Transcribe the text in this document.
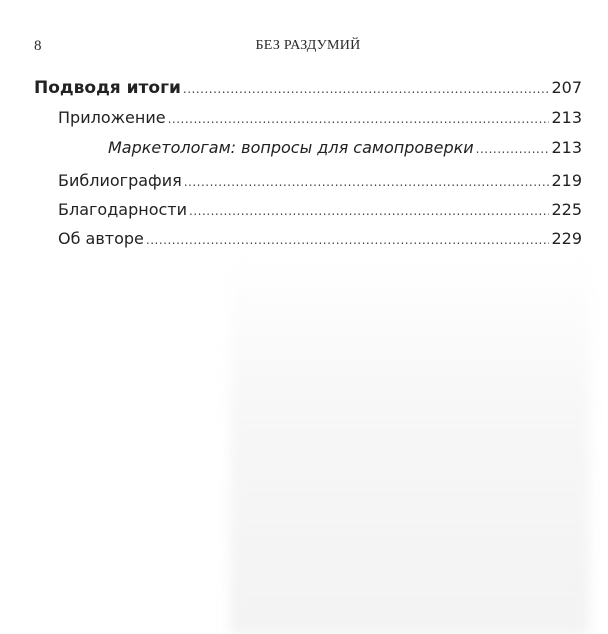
8	БЕЗ РАЗДУМИЙ
Подводя итоги .....	207
Приложение .....	213
Маркетологам: вопросы для самопроверки .....	213
Библиография .....	219
Благодарности .....	225
Об авторе .....	229
